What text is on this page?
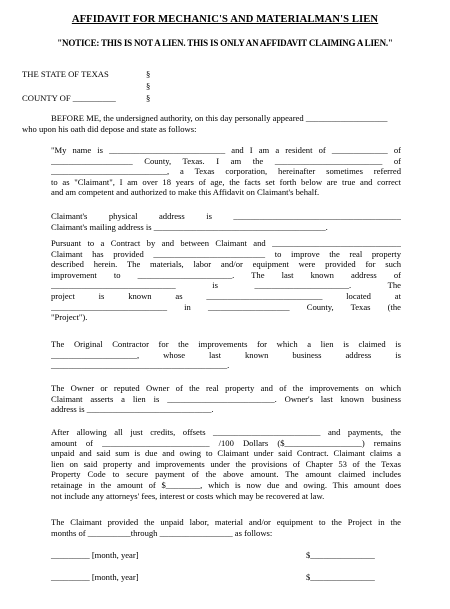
AFFIDAVIT FOR MECHANIC'S AND MATERIALMAN'S LIEN
"NOTICE: THIS IS NOT A LIEN. THIS IS ONLY AN AFFIDAVIT CLAIMING A LIEN."
THE STATE OF TEXAS	§
§
§
COUNTY OF __________
BEFORE ME, the undersigned authority, on this day personally appeared ___________________
who upon his oath did depose and state as follows:
"My name is ___________________________ and I am a resident of _____________ of
___________________ County, Texas. I am the _________________________ of
___________________________, a Texas corporation, hereinafter sometimes referred
to as "Claimant", I am over 18 years of age, the facts set forth below are true and correct
and am competent and authorized to make this Affidavit on Claimant's behalf.
Claimant's physical address is _______________________________________
Claimant's mailing address is ________________________________________.
Pursuant to a Contract by and between Claimant and ______________________________
Claimant has provided __________________________ to improve the real property
described herein. The materials, labor and/or equipment were provided for such
improvement to ______________________. The last known address of
_____________________________ is ______________________. The
project is known as ___________________________ located at
___________________________ in ___________________ County, Texas (the
"Project").
The Original Contractor for the improvements for which a lien is claimed is
____________________, whose last known business address is
_________________________________________.
The Owner or reputed Owner of the real property and of the improvements on which
Claimant asserts a lien is _________________________. Owner's last known business
address is _____________________________.
After allowing all just credits, offsets _________________________ and payments, the
amount of _________________________ /100 Dollars ($__________________) remains
unpaid and said sum is due and owing to Claimant under said Contract. Claimant claims a
lien on said property and improvements under the provisions of Chapter 53 of the Texas
Property Code to secure payment of the above amount. The amount claimed includes
retainage in the amount of $________, which is now due and owing. This amount does
not include any attorneys' fees, interest or costs which may be recovered at law.
The Claimant provided the unpaid labor, material and/or equipment to the Project in the
months of __________through _________________ as follows:
_________ [month, year]	$_______________
_________ [month, year]	$_______________
